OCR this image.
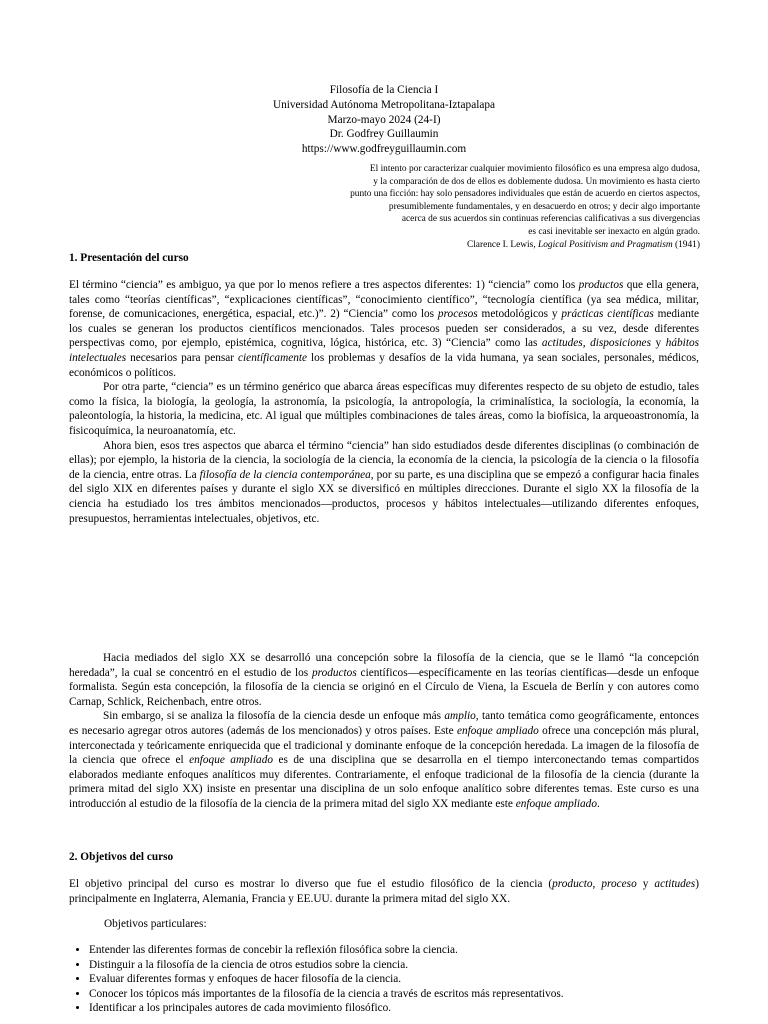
Filosofía de la Ciencia I
Universidad Autónoma Metropolitana-Iztapalapa
Marzo-mayo 2024 (24-I)
Dr. Godfrey Guillaumin
https://www.godfreyguillaumin.com
El intento por caracterizar cualquier movimiento filosófico es una empresa algo dudosa,
y la comparación de dos de ellos es doblemente dudosa. Un movimiento es hasta cierto
punto una ficción: hay solo pensadores individuales que están de acuerdo en ciertos aspectos,
presumiblemente fundamentales, y en desacuerdo en otros; y decir algo importante
acerca de sus acuerdos sin continuas referencias calificativas a sus divergencias
es casi inevitable ser inexacto en algún grado.
Clarence I. Lewis, Logical Positivism and Pragmatism (1941)
1. Presentación del curso

El término “ciencia” es ambiguo, ya que por lo menos refiere a tres aspectos diferentes: 1) “ciencia” como los productos que ella genera, tales como “teorías científicas”, “explicaciones científicas”, “conocimiento científico”, “tecnología científica (ya sea médica, militar, forense, de comunicaciones, energética, espacial, etc.)”. 2) “Ciencia” como los procesos metodológicos y prácticas científicas mediante los cuales se generan los productos científicos mencionados. Tales procesos pueden ser considerados, a su vez, desde diferentes perspectivas como, por ejemplo, epistémica, cognitiva, lógica, histórica, etc. 3) “Ciencia” como las actitudes, disposiciones y hábitos intelectuales necesarios para pensar científicamente los problemas y desafíos de la vida humana, ya sean sociales, personales, médicos, económicos o políticos.

Por otra parte, “ciencia” es un término genérico que abarca áreas específicas muy diferentes respecto de su objeto de estudio, tales como la física, la biología, la geología, la astronomía, la psicología, la antropología, la criminalística, la sociología, la economía, la paleontología, la historia, la medicina, etc. Al igual que múltiples combinaciones de tales áreas, como la biofísica, la arqueoastronomía, la fisicoquímica, la neuroanatomía, etc.

Ahora bien, esos tres aspectos que abarca el término “ciencia” han sido estudiados desde diferentes disciplinas (o combinación de ellas); por ejemplo, la historia de la ciencia, la sociología de la ciencia, la economía de la ciencia, la psicología de la ciencia o la filosofía de la ciencia, entre otras. La filosofía de la ciencia contemporánea, por su parte, es una disciplina que se empezó a configurar hacia finales del siglo XIX en diferentes países y durante el siglo XX se diversificó en múltiples direcciones. Durante el siglo XX la filosofía de la ciencia ha estudiado los tres ámbitos mencionados—productos, procesos y hábitos intelectuales—utilizando diferentes enfoques, presupuestos, herramientas intelectuales, objetivos, etc.

Hacia mediados del siglo XX se desarrolló una concepción sobre la filosofía de la ciencia, que se le llamó “la concepción heredada”, la cual se concentró en el estudio de los productos científicos—específicamente en las teorías científicas—desde un enfoque formalista. Según esta concepción, la filosofía de la ciencia se originó en el Círculo de Viena, la Escuela de Berlín y con autores como Carnap, Schlick, Reichenbach, entre otros.

Sin embargo, si se analiza la filosofía de la ciencia desde un enfoque más amplio, tanto temática como geográficamente, entonces es necesario agregar otros autores (además de los mencionados) y otros países. Este enfoque ampliado ofrece una concepción más plural, interconectada y teóricamente enriquecida que el tradicional y dominante enfoque de la concepción heredada. La imagen de la filosofía de la ciencia que ofrece el enfoque ampliado es de una disciplina que se desarrolla en el tiempo interconectando temas compartidos elaborados mediante enfoques analíticos muy diferentes. Contrariamente, el enfoque tradicional de la filosofía de la ciencia (durante la primera mitad del siglo XX) insiste en presentar una disciplina de un solo enfoque analítico sobre diferentes temas. Este curso es una introducción al estudio de la filosofía de la ciencia de la primera mitad del siglo XX mediante este enfoque ampliado.

2. Objetivos del curso

El objetivo principal del curso es mostrar lo diverso que fue el estudio filosófico de la ciencia (producto, proceso y actitudes) principalmente en Inglaterra, Alemania, Francia y EE.UU. durante la primera mitad del siglo XX.

Objetivos particulares:
• Entender las diferentes formas de concebir la reflexión filosófica sobre la ciencia.
• Distinguir a la filosofía de la ciencia de otros estudios sobre la ciencia.
• Evaluar diferentes formas y enfoques de hacer filosofía de la ciencia.
• Conocer los tópicos más importantes de la filosofía de la ciencia a través de escritos más representativos.
• Identificar a los principales autores de cada movimiento filosófico.
